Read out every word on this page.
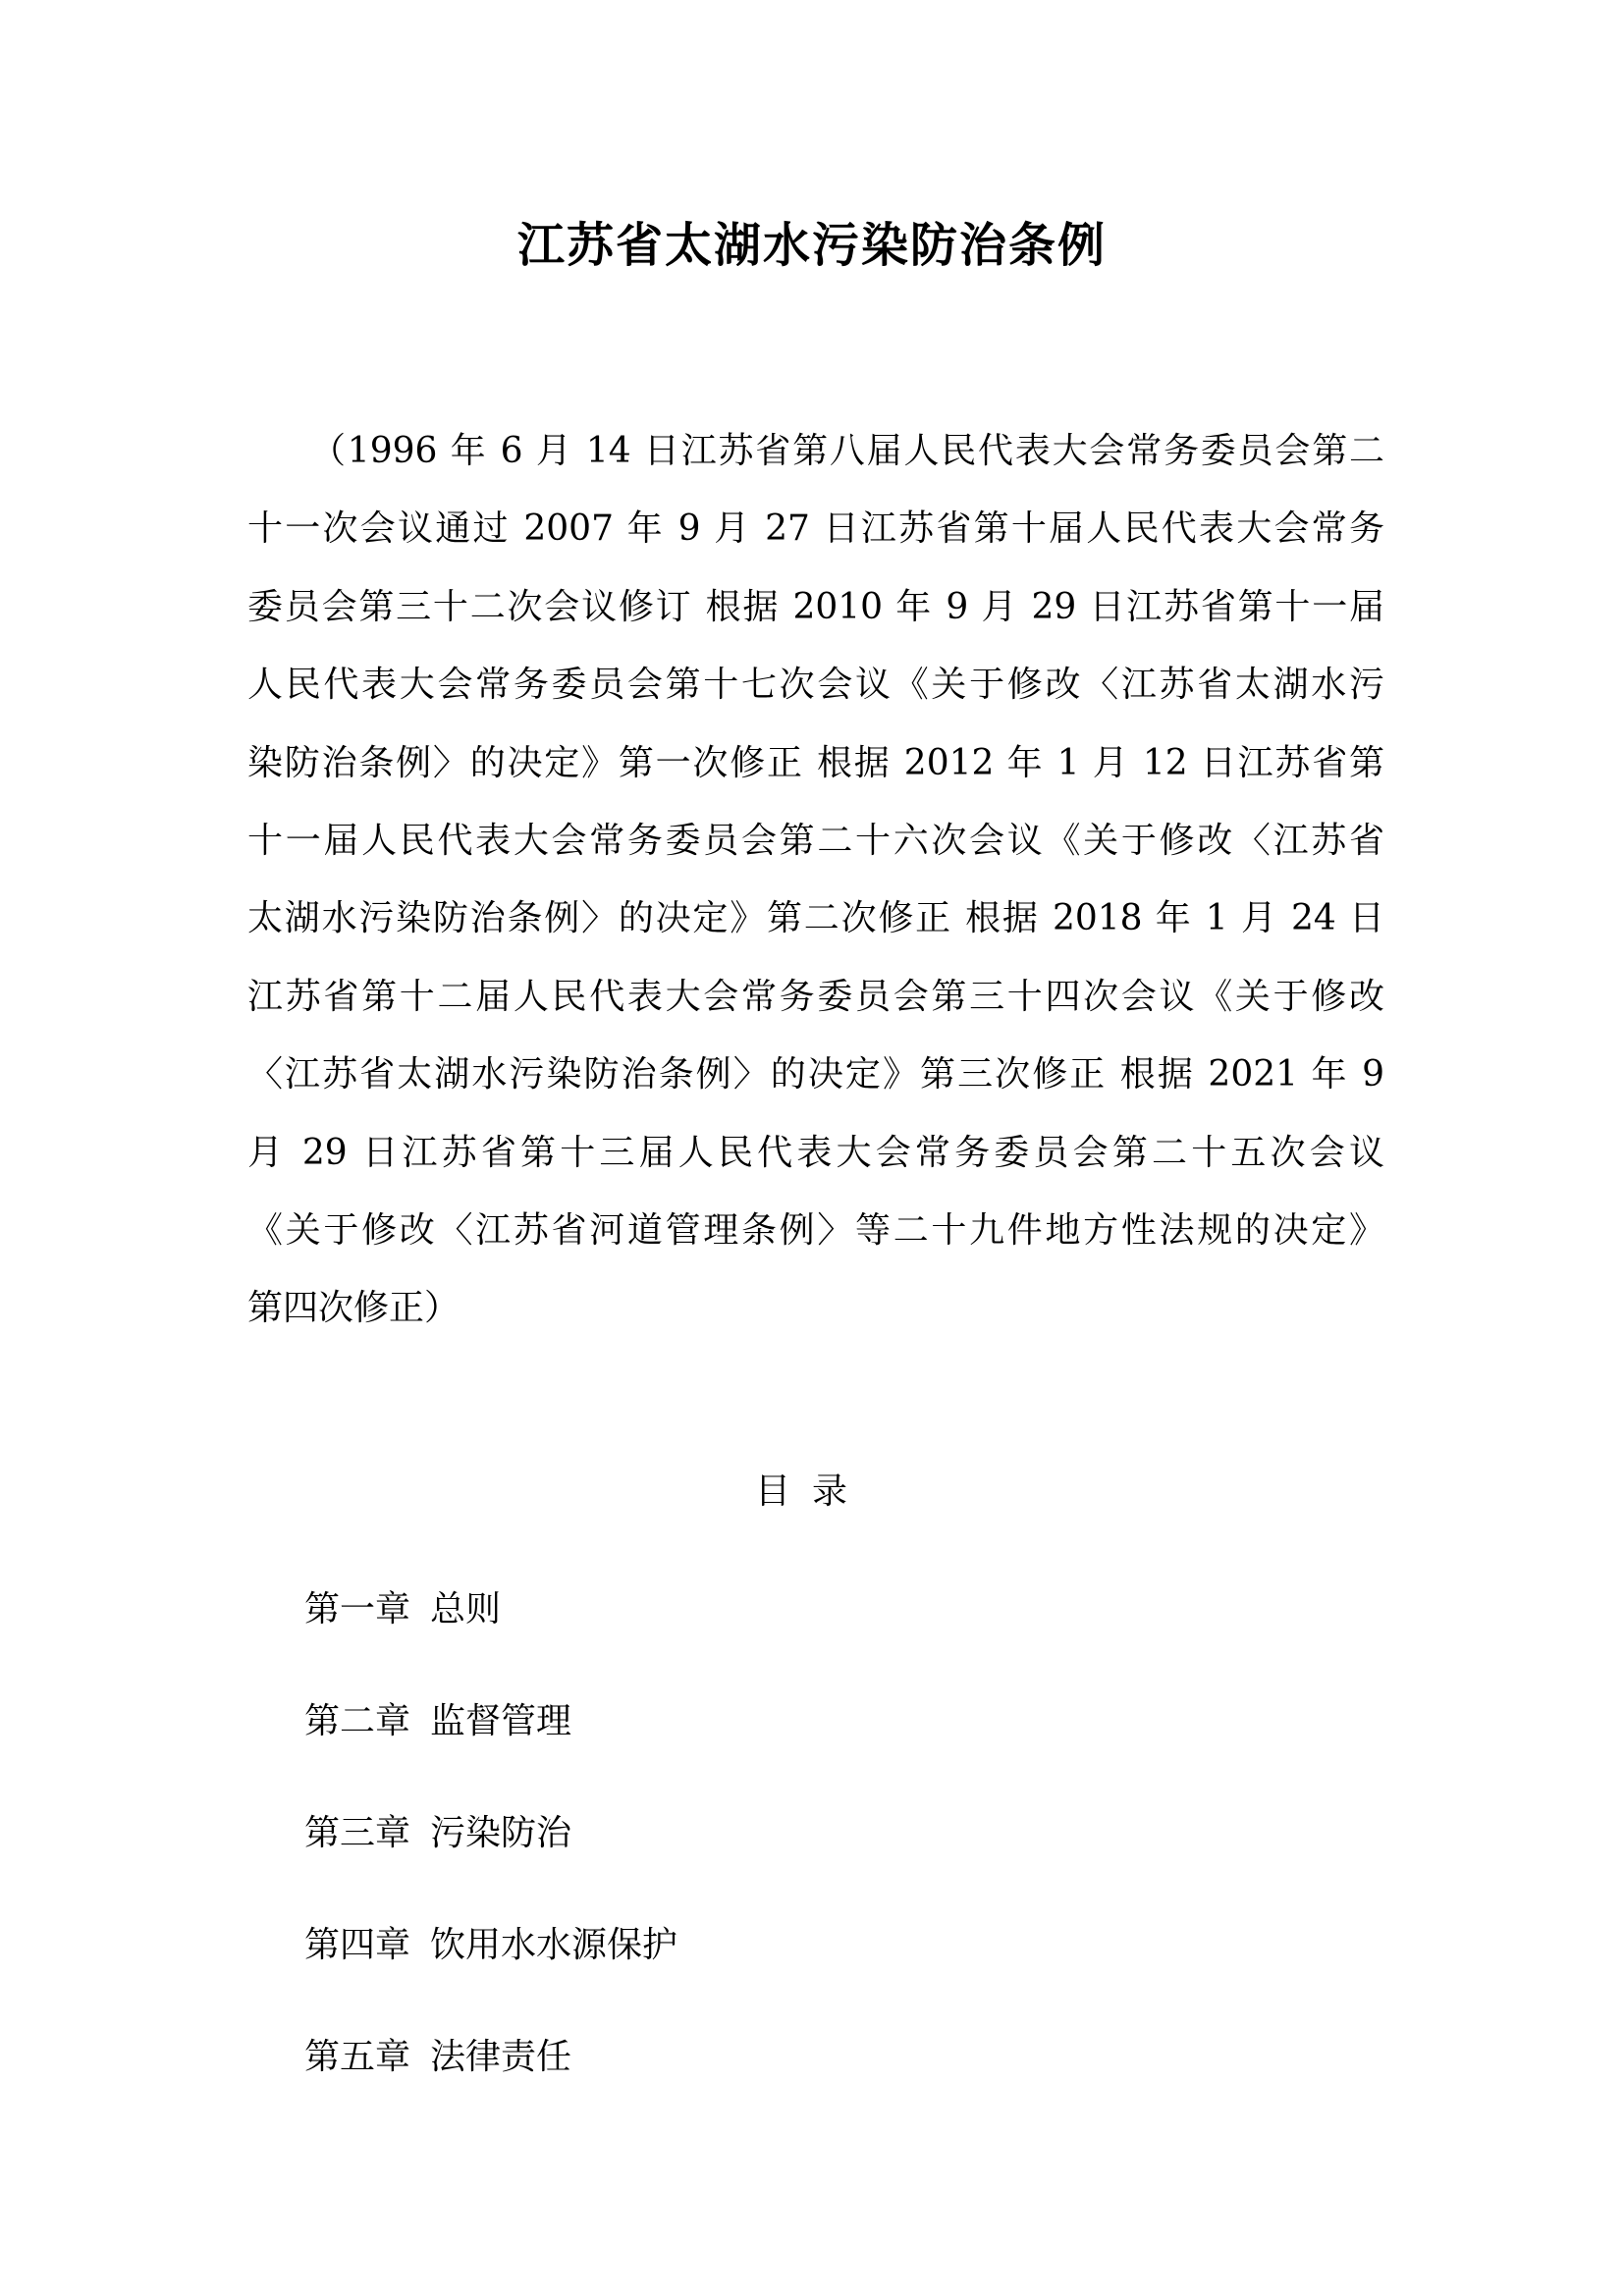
江苏省太湖水污染防治条例
（1996 年 6 月 14 日江苏省第八届人民代表大会常务委员会第二
十一次会议通过 2007 年 9 月 27 日江苏省第十届人民代表大会常务
委员会第三十二次会议修订 根据 2010 年 9 月 29 日江苏省第十一届
人民代表大会常务委员会第十七次会议《关于修改〈江苏省太湖水污
染防治条例〉的决定》第一次修正 根据 2012 年 1 月 12 日江苏省第
十一届人民代表大会常务委员会第二十六次会议《关于修改〈江苏省
太湖水污染防治条例〉的决定》第二次修正 根据 2018 年 1 月 24 日
江苏省第十二届人民代表大会常务委员会第三十四次会议《关于修改
〈江苏省太湖水污染防治条例〉的决定》第三次修正 根据 2021 年 9
月 29 日江苏省第十三届人民代表大会常务委员会第二十五次会议
《关于修改〈江苏省河道管理条例〉等二十九件地方性法规的决定》
第四次修正）
目录
第一章 总则
第二章 监督管理
第三章 污染防治
第四章 饮用水水源保护
第五章 法律责任
